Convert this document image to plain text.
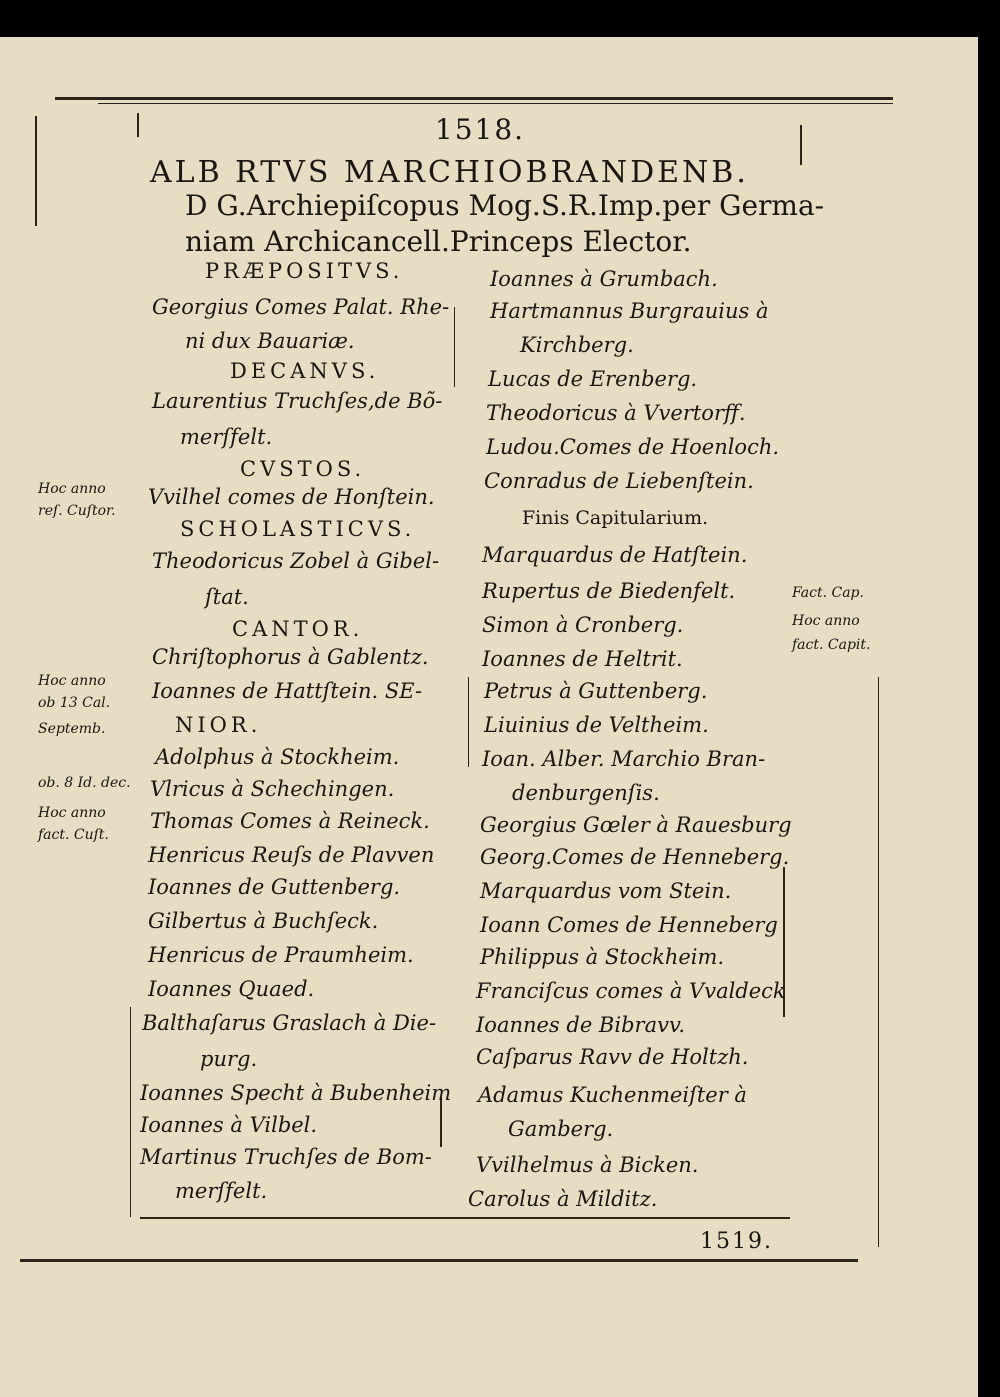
1518.
ALB RTVS MARCHIOBRANDENB.
D G.Archiepiſcopus Mog.S.R.Imp.per Germa-
niam Archicancell.Princeps Elector.
PRÆPOSITVS.
Georgius Comes Palat. Rhe-
ni dux Bauariæ.
DECANVS.
Laurentius Truchſes,de Bõ-
merſfelt.
CVSTOS.
Vvilhel comes de Honſtein.
SCHOLASTICVS.
Theodoricus Zobel à Gibel-
ſtat.
CANTOR.
Chriſtophorus à Gablentz.
Ioannes de Hattſtein. SE-
NIOR.
Adolphus à Stockheim.
Vlricus à Schechingen.
Thomas Comes à Reineck.
Henricus Reuſs de Plavven
Ioannes de Guttenberg.
Gilbertus à Buchſeck.
Henricus de Praumheim.
Ioannes Quaed.
Balthaſarus Graslach à Die-
purg.
Ioannes Specht à Bubenheim
Ioannes à Vilbel.
Martinus Truchſes de Bom-
merſfelt.
Ioannes à Grumbach.
Hartmannus Burgrauius à
Kirchberg.
Lucas de Erenberg.
Theodoricus à Vvertorff.
Ludou.Comes de Hoenloch.
Conradus de Liebenſtein.
Finis Capitularium.
Marquardus de Hatſtein.
Rupertus de Biedenfelt.
Simon à Cronberg.
Ioannes de Heltrit.
Petrus à Guttenberg.
Liuinius de Veltheim.
Ioan. Alber. Marchio Bran-
denburgenſis.
Georgius Gœler à Rauesburg
Georg.Comes de Henneberg.
Marquardus vom Stein.
Ioann Comes de Henneberg
Philippus à Stockheim.
Franciſcus comes à Vvaldeck
Ioannes de Bibravv.
Caſparus Ravv de Holtzh.
Adamus Kuchenmeiſter à
Gamberg.
Vvilhelmus à Bicken.
Carolus à Milditz.
Hoc anno
reſ. Cuſtor.
Hoc anno
ob 13 Cal.
Septemb.
ob. 8 Id. dec.
Hoc anno
fact. Cuſt.
Fact. Cap.
Hoc anno
fact. Capit.
1519.
